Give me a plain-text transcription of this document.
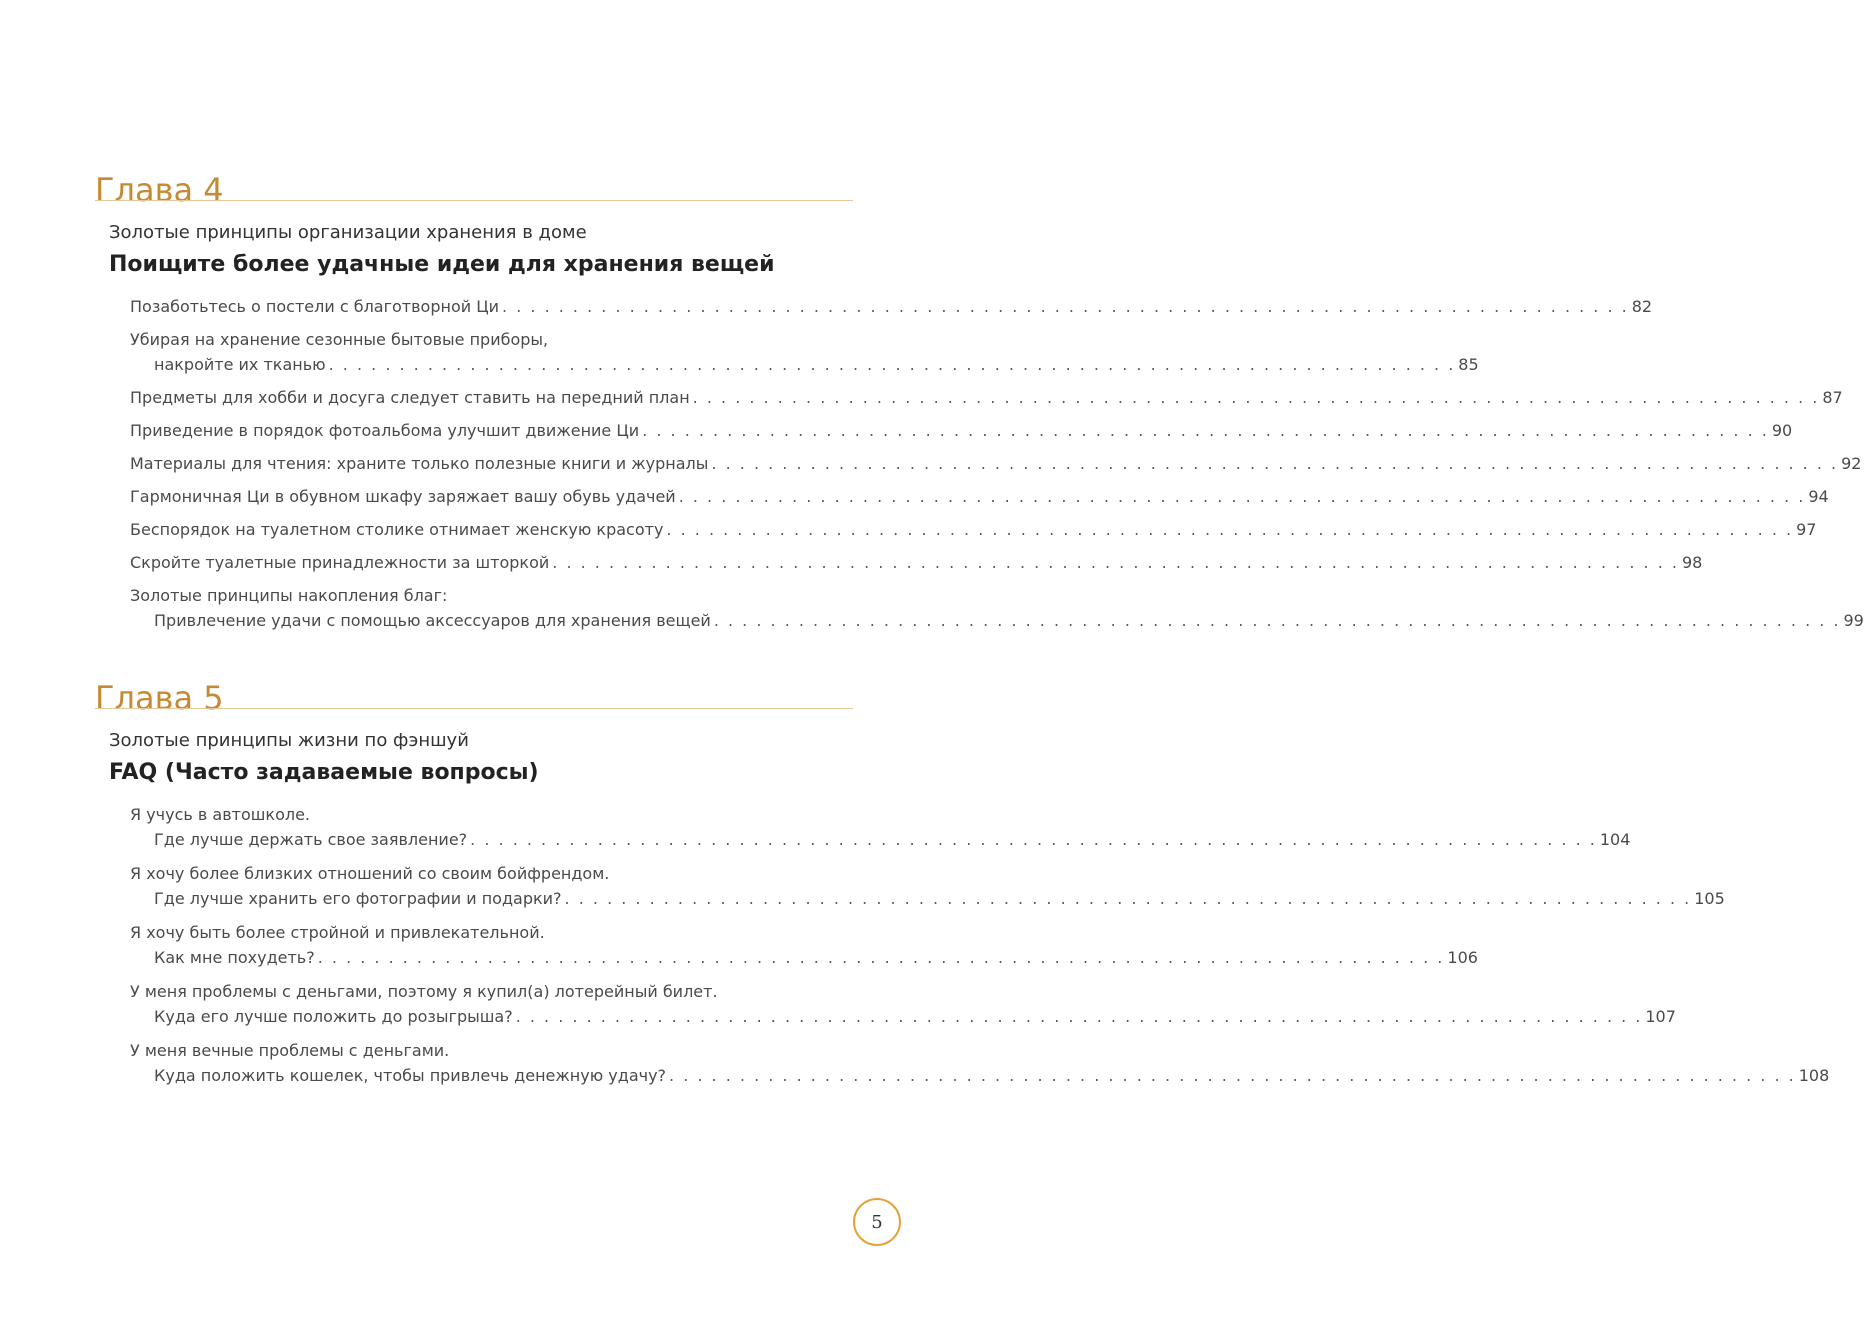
Глава 4
Золотые принципы организации хранения в доме
Поищите более удачные идеи для хранения вещей
Позаботьтесь о постели с благотворной Ци . . . . . . . . . . . . . . . . . . . . . . . . . . . . . . . . . . . . . . . . . . . . . . . . . . . . . . . . . . . . . . . . . . . . . . . . . . . . . . . . 82
Убирая на хранение сезонные бытовые приборы,
накройте их тканью . . . . . . . . . . . . . . . . . . . . . . . . . . . . . . . . . . . . . . . . . . . . . . . . . . . . . . . . . . . . . . . . . . . . . . . . . . . . . . . . 85
Предметы для хобби и досуга следует ставить на передний план . . . . . . . . . . . . . . . . . . . . . . . . . . . . . . . . . . . . . . . . . . . . . . . . . . . . . . . . . . . . . . . . . . . . . . . . . . . . . . . . 87
Приведение в порядок фотоальбома улучшит движение Ци . . . . . . . . . . . . . . . . . . . . . . . . . . . . . . . . . . . . . . . . . . . . . . . . . . . . . . . . . . . . . . . . . . . . . . . . . . . . . . . . 90
Материалы для чтения: храните только полезные книги и журналы . . . . . . . . . . . . . . . . . . . . . . . . . . . . . . . . . . . . . . . . . . . . . . . . . . . . . . . . . . . . . . . . . . . . . . . . . . . . . . . . 92
Гармоничная Ци в обувном шкафу заряжает вашу обувь удачей . . . . . . . . . . . . . . . . . . . . . . . . . . . . . . . . . . . . . . . . . . . . . . . . . . . . . . . . . . . . . . . . . . . . . . . . . . . . . . . . 94
Беспорядок на туалетном столике отнимает женскую красоту . . . . . . . . . . . . . . . . . . . . . . . . . . . . . . . . . . . . . . . . . . . . . . . . . . . . . . . . . . . . . . . . . . . . . . . . . . . . . . . . 97
Скройте туалетные принадлежности за шторкой . . . . . . . . . . . . . . . . . . . . . . . . . . . . . . . . . . . . . . . . . . . . . . . . . . . . . . . . . . . . . . . . . . . . . . . . . . . . . . . . 98
Золотые принципы накопления благ:
Привлечение удачи с помощью аксессуаров для хранения вещей . . . . . . . . . . . . . . . . . . . . . . . . . . . . . . . . . . . . . . . . . . . . . . . . . . . . . . . . . . . . . . . . . . . . . . . . . . . . . . . . 99
Глава 5
Золотые принципы жизни по фэншуй
FAQ (Часто задаваемые вопросы)
Я учусь в автошколе.
Где лучше держать свое заявление? . . . . . . . . . . . . . . . . . . . . . . . . . . . . . . . . . . . . . . . . . . . . . . . . . . . . . . . . . . . . . . . . . . . . . . . . . . . . . . . . 104
Я хочу более близких отношений со своим бойфрендом.
Где лучше хранить его фотографии и подарки? . . . . . . . . . . . . . . . . . . . . . . . . . . . . . . . . . . . . . . . . . . . . . . . . . . . . . . . . . . . . . . . . . . . . . . . . . . . . . . . . 105
Я хочу быть более стройной и привлекательной.
Как мне похудеть? . . . . . . . . . . . . . . . . . . . . . . . . . . . . . . . . . . . . . . . . . . . . . . . . . . . . . . . . . . . . . . . . . . . . . . . . . . . . . . . . 106
У меня проблемы с деньгами, поэтому я купил(а) лотерейный билет.
Куда его лучше положить до розыгрыша? . . . . . . . . . . . . . . . . . . . . . . . . . . . . . . . . . . . . . . . . . . . . . . . . . . . . . . . . . . . . . . . . . . . . . . . . . . . . . . . . 107
У меня вечные проблемы с деньгами.
Куда положить кошелек, чтобы привлечь денежную удачу? . . . . . . . . . . . . . . . . . . . . . . . . . . . . . . . . . . . . . . . . . . . . . . . . . . . . . . . . . . . . . . . . . . . . . . . . . . . . . . . . 108
5
